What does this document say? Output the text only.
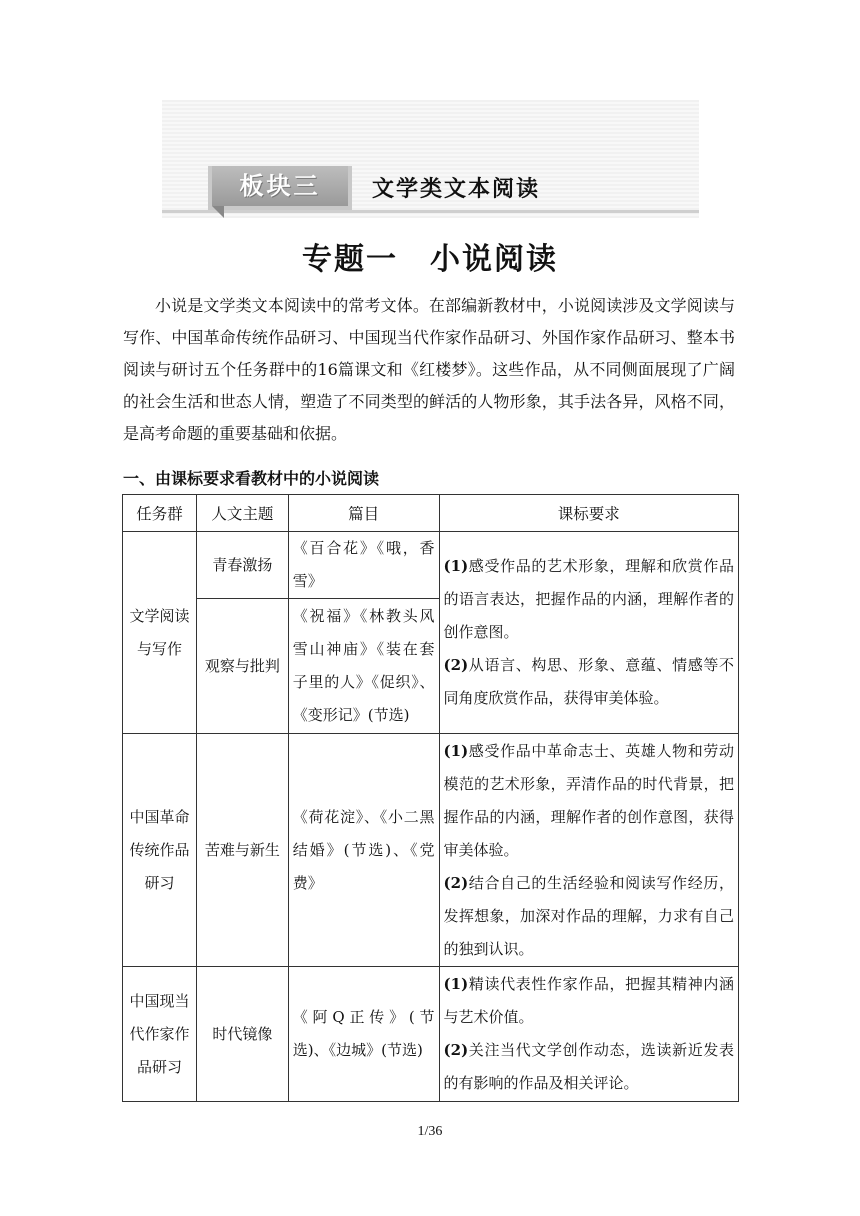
板块三	文学类文本阅读
专题一　小说阅读

小说是文学类文本阅读中的常考文体。在部编新教材中，小说阅读涉及文学阅读与写作、中国革命传统作品研习、中国现当代作家作品研习、外国作家作品研习、整本书阅读与研讨五个任务群中的16篇课文和《红楼梦》。这些作品，从不同侧面展现了广阔的社会生活和世态人情，塑造了不同类型的鲜活的人物形象，其手法各异，风格不同，是高考命题的重要基础和依据。

一、由课标要求看教材中的小说阅读
任务群	人文主题	篇目	课标要求
文学阅读与写作	青春激扬	《百合花》《哦，香雪》	(1)感受作品的艺术形象，理解和欣赏作品的语言表达，把握作品的内涵，理解作者的创作意图。
(2)从语言、构思、形象、意蕴、情感等不同角度欣赏作品，获得审美体验。

	观察与批判	《祝福》《林教头风雪山神庙》《装在套子里的人》《促织》、《变形记》(节选)	
中国革命传统作品研习	苦难与新生	《荷花淀》、《小二黑结婚》(节选)、《党费》	(1)感受作品中革命志士、英雄人物和劳动模范的艺术形象，弄清作品的时代背景，把握作品的内涵，理解作者的创作意图，获得审美体验。
(2)结合自己的生活经验和阅读写作经历，发挥想象，加深对作品的理解，力求有自己的独到认识。

中国现当代作家作品研习	时代镜像	《阿Q正传》(节选)、《边城》(节选)	(1)精读代表性作家作品，把握其精神内涵与艺术价值。
(2)关注当代文学创作动态，选读新近发表的有影响的作品及相关评论。
1/36
